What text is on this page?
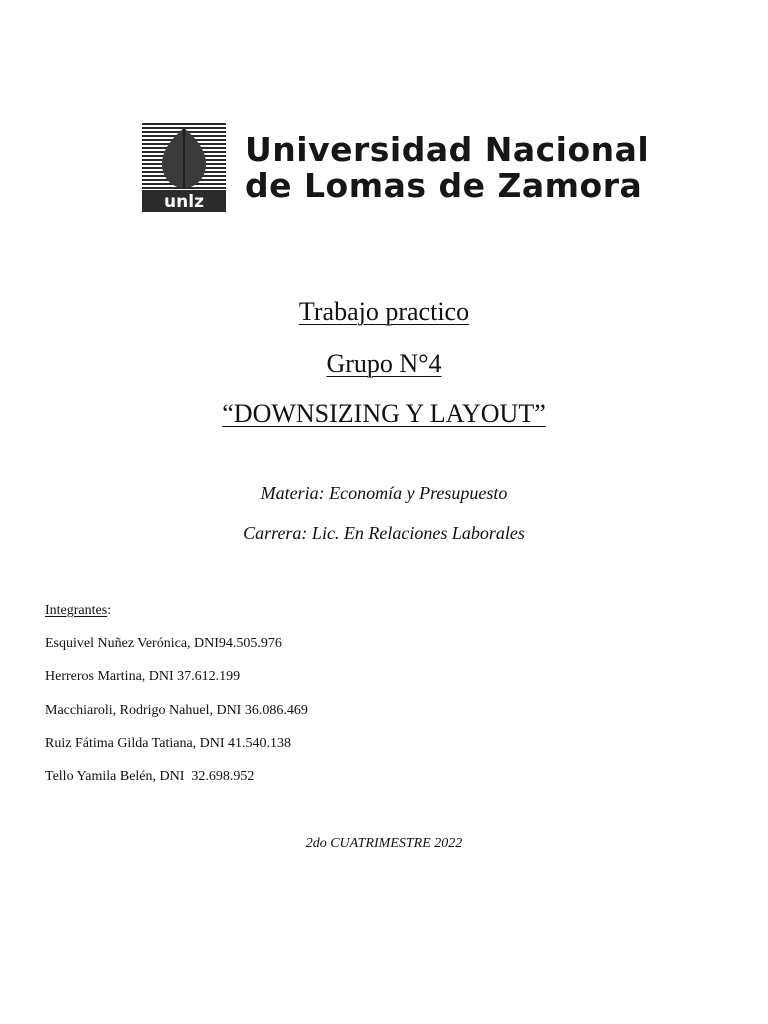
unlz
Universidad Nacional
de Lomas de Zamora
Trabajo practico
Grupo N°4
“DOWNSIZING Y LAYOUT”
Materia: Economía y Presupuesto
Carrera: Lic. En Relaciones Laborales
Integrantes:
Esquivel Nuñez Verónica, DNI94.505.976
Herreros Martina, DNI 37.612.199
Macchiaroli, Rodrigo Nahuel, DNI 36.086.469
Ruiz Fátima Gilda Tatiana, DNI 41.540.138
Tello Yamila Belén, DNI  32.698.952
2do CUATRIMESTRE 2022
